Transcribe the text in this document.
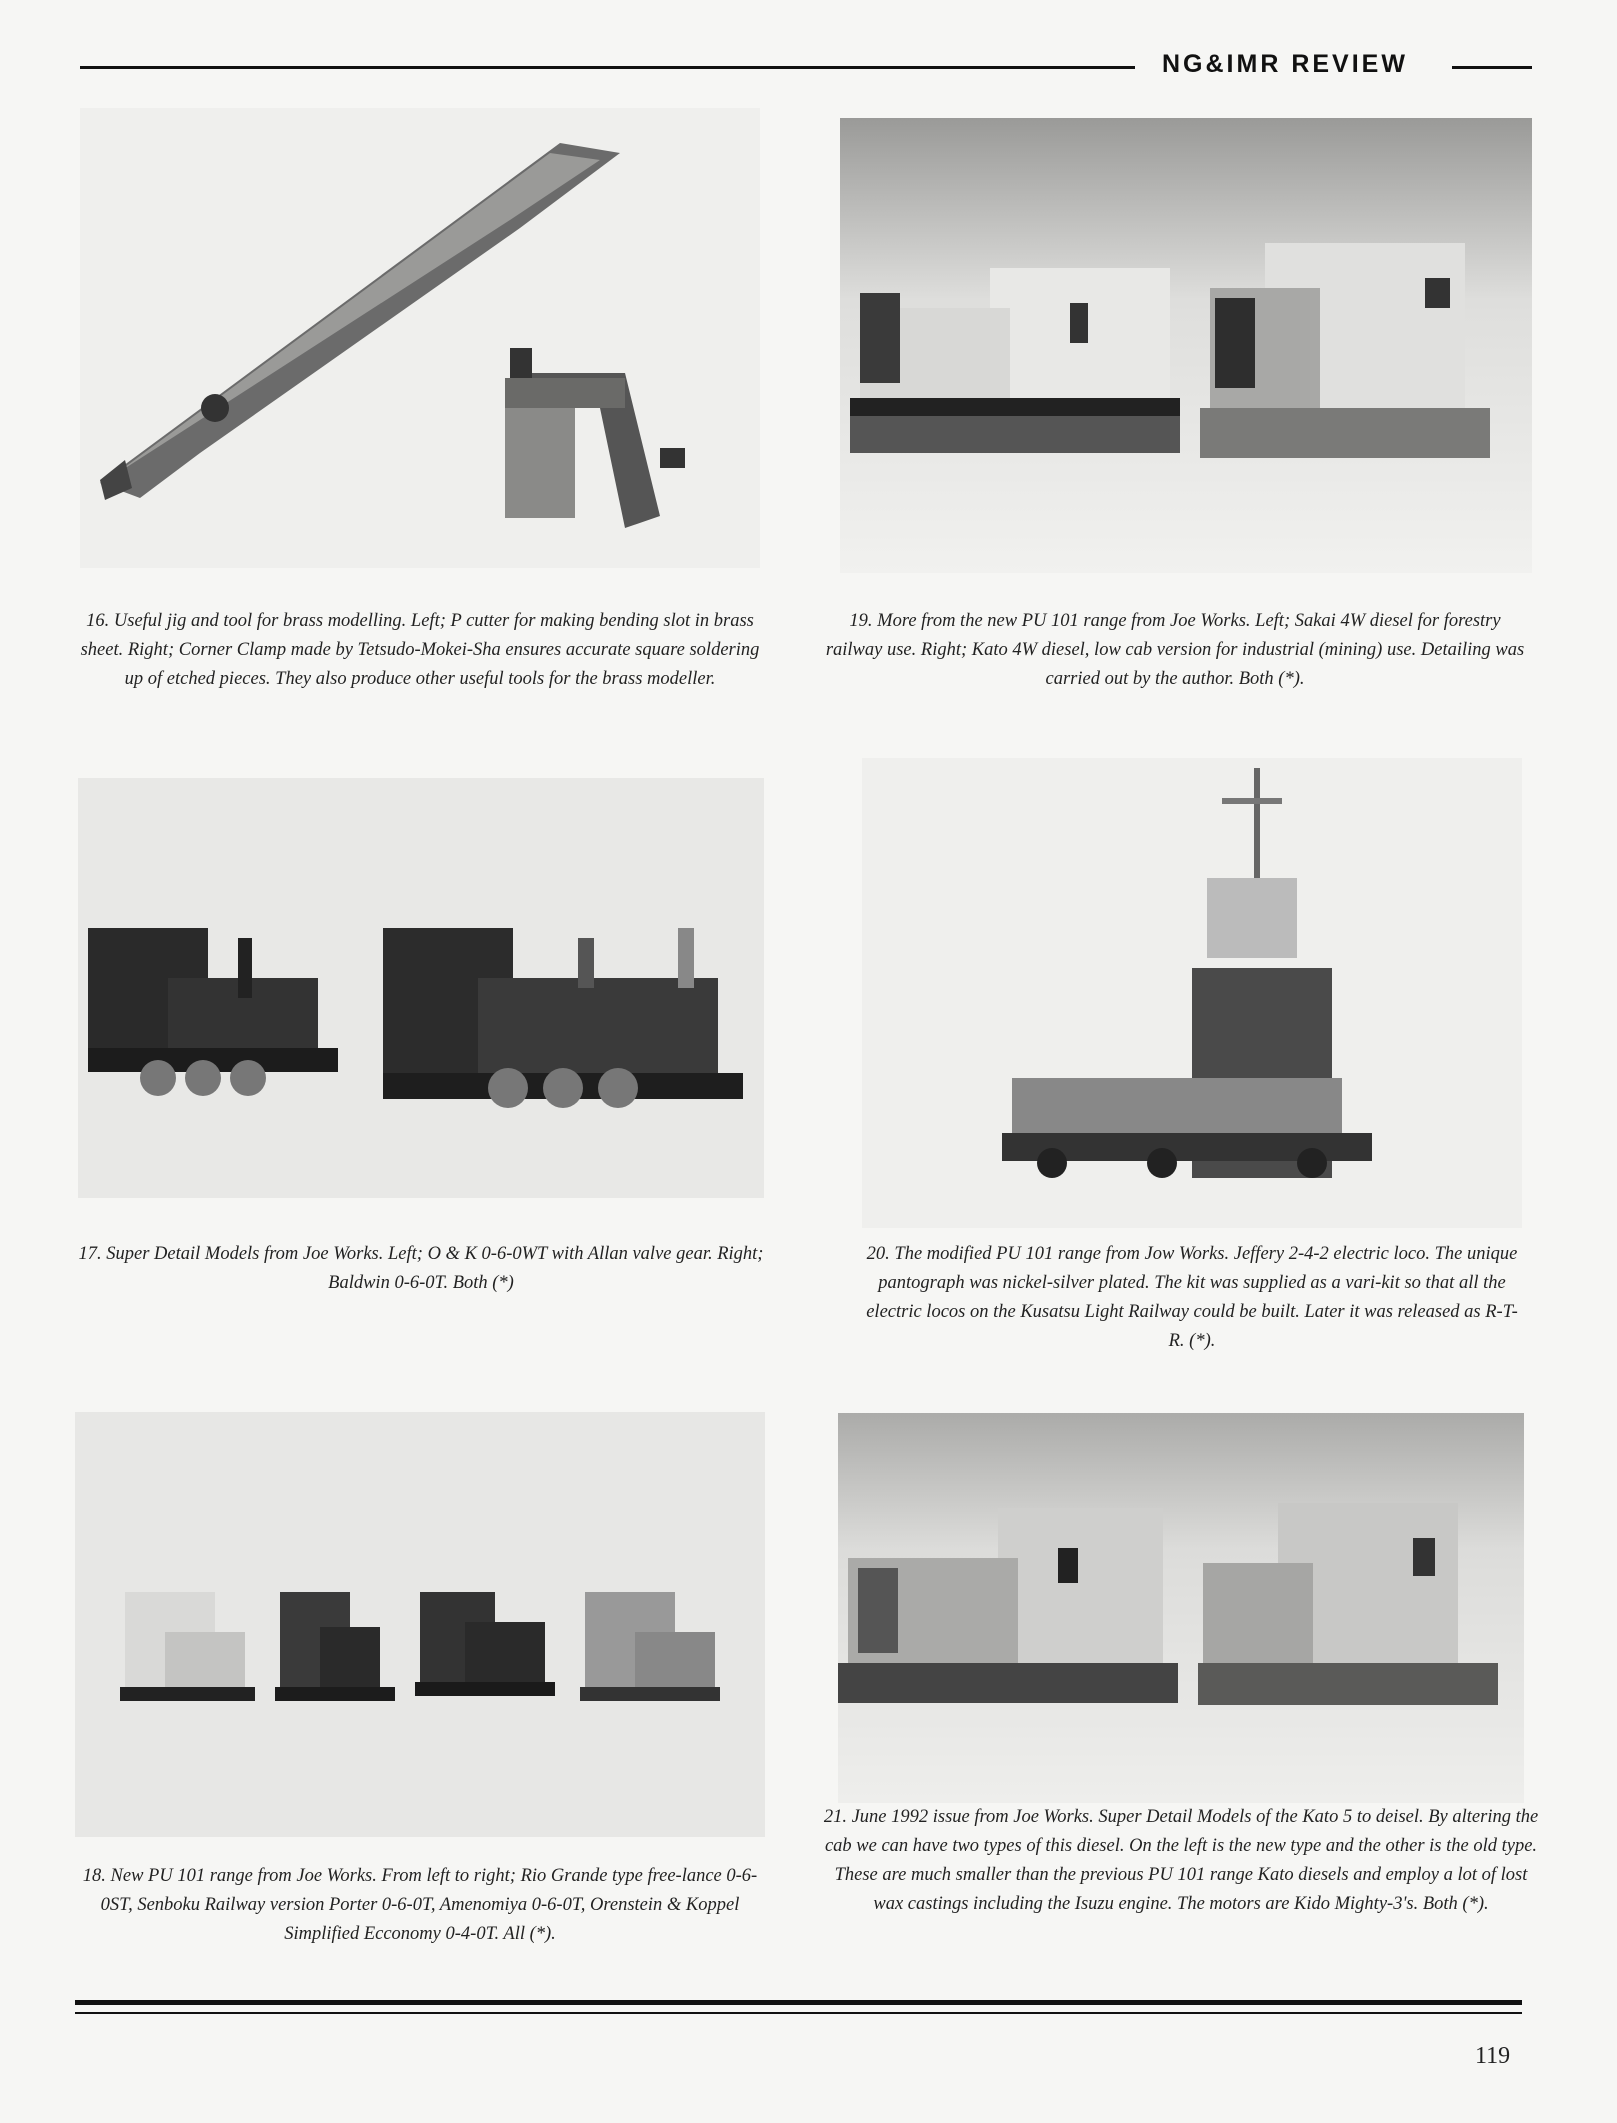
NG&IMR REVIEW
16. Useful jig and tool for brass modelling. Left; P cutter for making bending slot in brass sheet. Right; Corner Clamp made by Tetsudo-Mokei-Sha ensures accurate square soldering up of etched pieces. They also produce other useful tools for the brass modeller.
19. More from the new PU 101 range from Joe Works. Left; Sakai 4W diesel for forestry railway use. Right; Kato 4W diesel, low cab version for industrial (mining) use. Detailing was carried out by the author. Both (*).
17. Super Detail Models from Joe Works. Left; O & K 0-6-0WT with Allan valve gear. Right; Baldwin 0-6-0T. Both (*)
20. The modified PU 101 range from Jow Works. Jeffery 2-4-2 electric loco. The unique pantograph was nickel-silver plated. The kit was supplied as a vari-kit so that all the electric locos on the Kusatsu Light Railway could be built. Later it was released as R-T-R. (*).
18. New PU 101 range from Joe Works. From left to right; Rio Grande type free-lance 0-6-0ST, Senboku Railway version Porter 0-6-0T, Amenomiya 0-6-0T, Orenstein & Koppel Simplified Ecconomy 0-4-0T. All (*).
21. June 1992 issue from Joe Works. Super Detail Models of the Kato 5 to deisel. By altering the cab we can have two types of this diesel. On the left is the new type and the other is the old type. These are much smaller than the previous PU 101 range Kato diesels and employ a lot of lost wax castings including the Isuzu engine. The motors are Kido Mighty-3's. Both (*).
119
